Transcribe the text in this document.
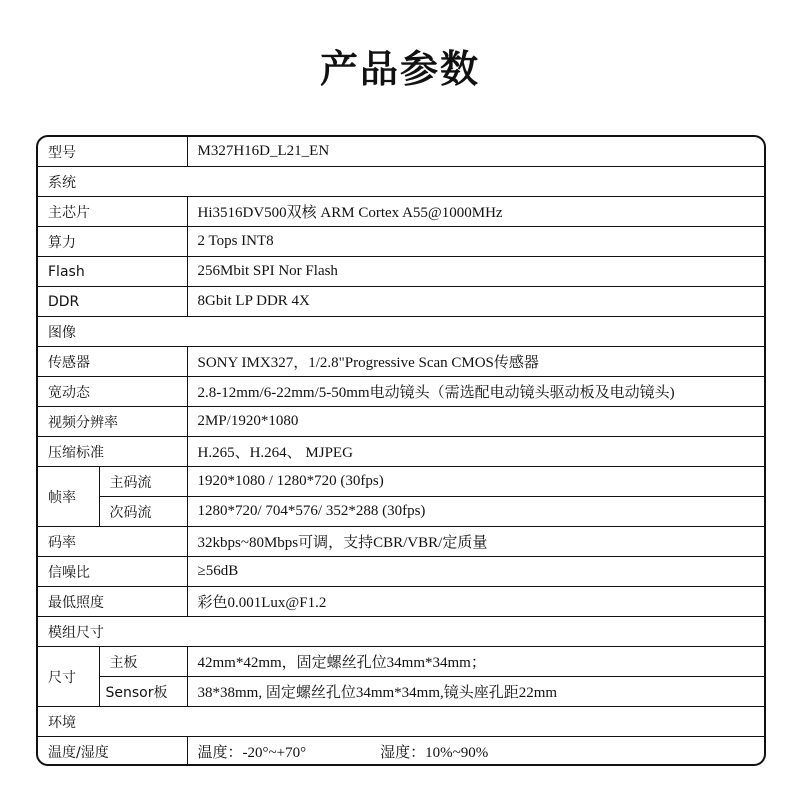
产品参数
型号		M327H16D_L21_EN
系统		
主芯片		Hi3516DV500双核 ARM Cortex A55@1000MHz
算力		2 Tops INT8
Flash		256Mbit SPI Nor Flash
DDR		8Gbit LP DDR 4X
图像		
传感器		SONY IMX327，1/2.8"Progressive Scan CMOS传感器
宽动态		2.8-12mm/6-22mm/5-50mm电动镜头（需选配电动镜头驱动板及电动镜头)
视频分辨率		2MP/1920*1080
压缩标准		H.265、H.264、 MJPEG
帧率	主码流	1920*1080 / 1280*720 (30fps)
	次码流	1280*720/ 704*576/ 352*288 (30fps)
码率		32kbps~80Mbps可调，支持CBR/VBR/定质量
信噪比		≥56dB
最低照度		彩色0.001Lux@F1.2
模组尺寸		
尺寸	主板	42mm*42mm，固定螺丝孔位34mm*34mm；
	Sensor板	38*38mm, 固定螺丝孔位34mm*34mm,镜头座孔距22mm
环境		
温度/湿度		温度：-20°~+70° 湿度：10%~90%
